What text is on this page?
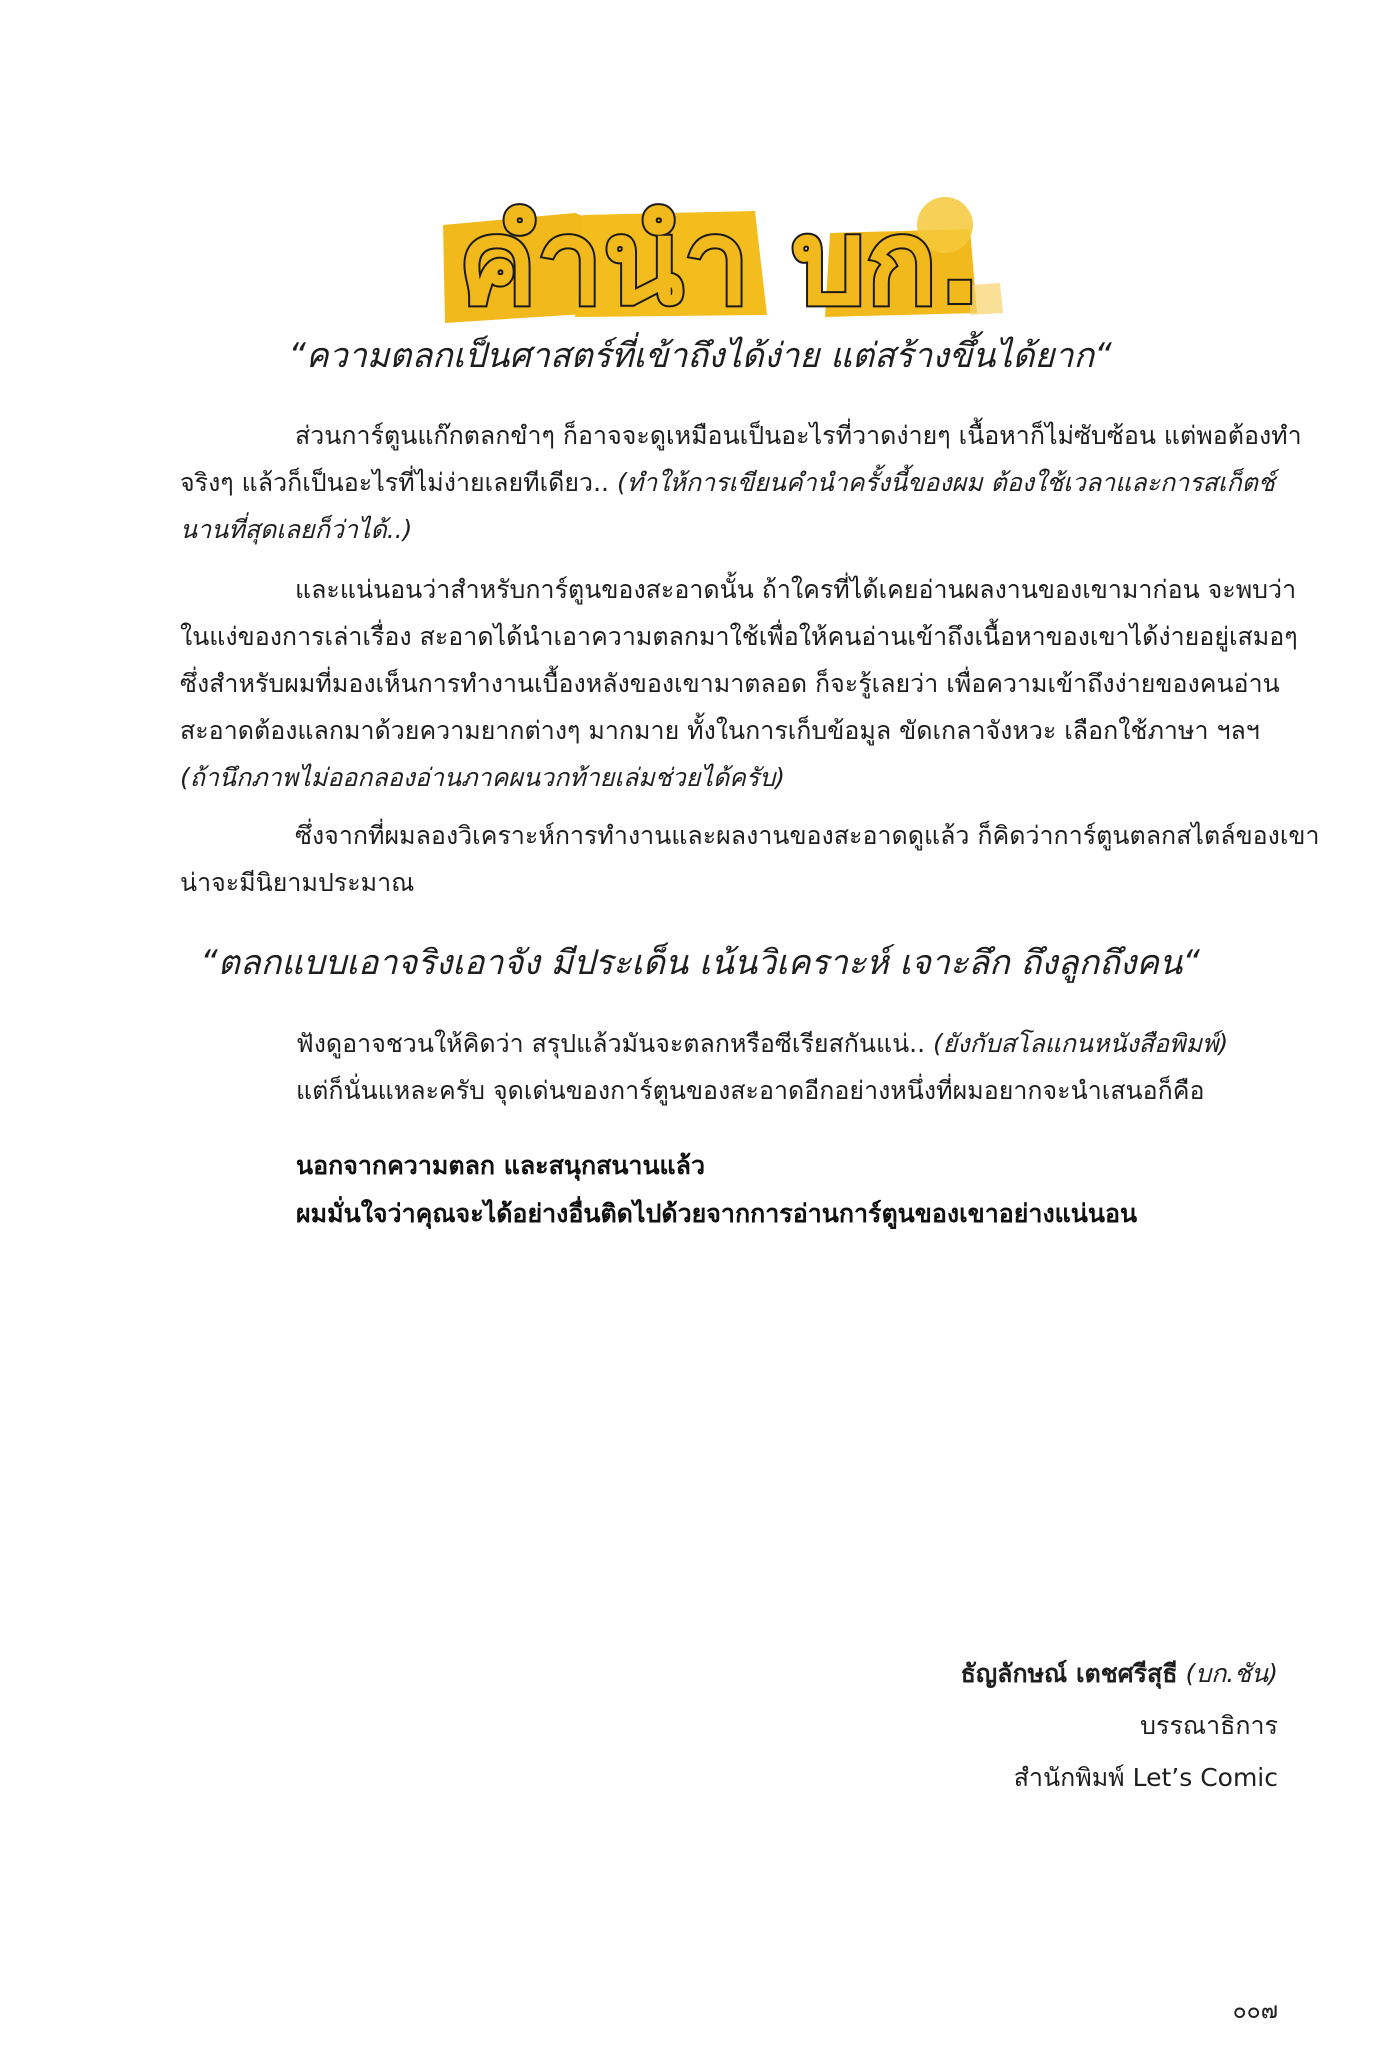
คำนำ บก.
“ความตลกเป็นศาสตร์ที่เข้าถึงได้ง่าย แต่สร้างขึ้นได้ยาก“
ส่วนการ์ตูนแก๊กตลกขำๆ ก็อาจจะดูเหมือนเป็นอะไรที่วาดง่ายๆ เนื้อหาก็ไม่ซับซ้อน แต่พอต้องทำ
จริงๆ แล้วก็เป็นอะไรที่ไม่ง่ายเลยทีเดียว.. (ทำให้การเขียนคำนำครั้งนี้ของผม ต้องใช้เวลาและการสเก็ตช์
นานที่สุดเลยก็ว่าได้..)
และแน่นอนว่าสำหรับการ์ตูนของสะอาดนั้น ถ้าใครที่ได้เคยอ่านผลงานของเขามาก่อน จะพบว่า
ในแง่ของการเล่าเรื่อง สะอาดได้นำเอาความตลกมาใช้เพื่อให้คนอ่านเข้าถึงเนื้อหาของเขาได้ง่ายอยู่เสมอๆ
ซึ่งสำหรับผมที่มองเห็นการทำงานเบื้องหลังของเขามาตลอด ก็จะรู้เลยว่า เพื่อความเข้าถึงง่ายของคนอ่าน
สะอาดต้องแลกมาด้วยความยากต่างๆ มากมาย ทั้งในการเก็บข้อมูล ขัดเกลาจังหวะ เลือกใช้ภาษา ฯลฯ
(ถ้านึกภาพไม่ออกลองอ่านภาคผนวกท้ายเล่มช่วยได้ครับ)
ซึ่งจากที่ผมลองวิเคราะห์การทำงานและผลงานของสะอาดดูแล้ว ก็คิดว่าการ์ตูนตลกสไตล์ของเขา
น่าจะมีนิยามประมาณ
“ตลกแบบเอาจริงเอาจัง มีประเด็น เน้นวิเคราะห์ เจาะลึก ถึงลูกถึงคน“
ฟังดูอาจชวนให้คิดว่า สรุปแล้วมันจะตลกหรือซีเรียสกันแน่.. (ยังกับสโลแกนหนังสือพิมพ์)
แต่ก็นั่นแหละครับ จุดเด่นของการ์ตูนของสะอาดอีกอย่างหนึ่งที่ผมอยากจะนำเสนอก็คือ
นอกจากความตลก และสนุกสนานแล้ว
ผมมั่นใจว่าคุณจะได้อย่างอื่นติดไปด้วยจากการอ่านการ์ตูนของเขาอย่างแน่นอน
ธัญลักษณ์ เตชศรีสุธี (บก.ชัน)
บรรณาธิการ
สำนักพิมพ์ Let’s Comic
๐๐๗
